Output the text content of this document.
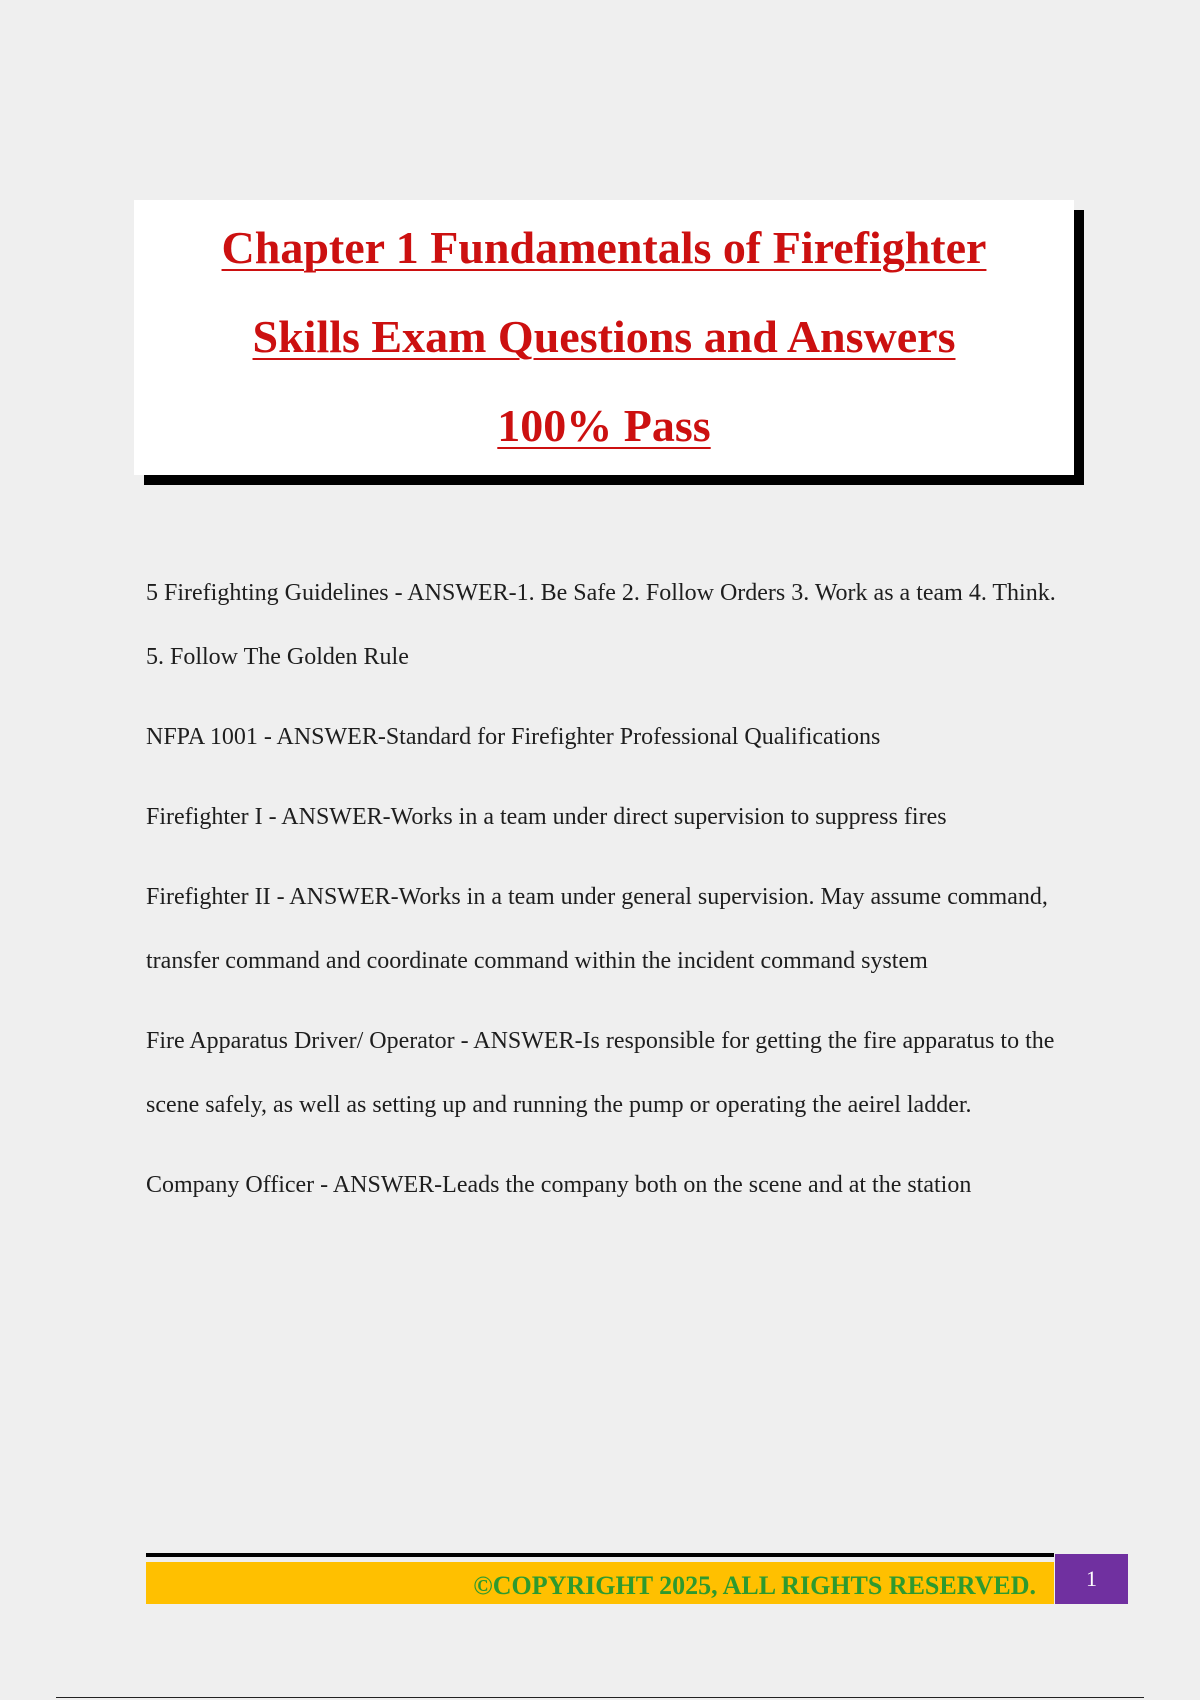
Chapter 1 Fundamentals of Firefighter
Skills Exam Questions and Answers
100% Pass

5 Firefighting Guidelines - ANSWER-1. Be Safe 2. Follow Orders 3. Work as a team 4. Think. 5. Follow The Golden Rule

NFPA 1001 - ANSWER-Standard for Firefighter Professional Qualifications

Firefighter I - ANSWER-Works in a team under direct supervision to suppress fires

Firefighter II - ANSWER-Works in a team under general supervision. May assume command, transfer command and coordinate command within the incident command system

Fire Apparatus Driver/ Operator - ANSWER-Is responsible for getting the fire apparatus to the scene safely, as well as setting up and running the pump or operating the aeirel ladder.

Company Officer - ANSWER-Leads the company both on the scene and at the station

©COPYRIGHT 2025, ALL RIGHTS RESERVED.	1
